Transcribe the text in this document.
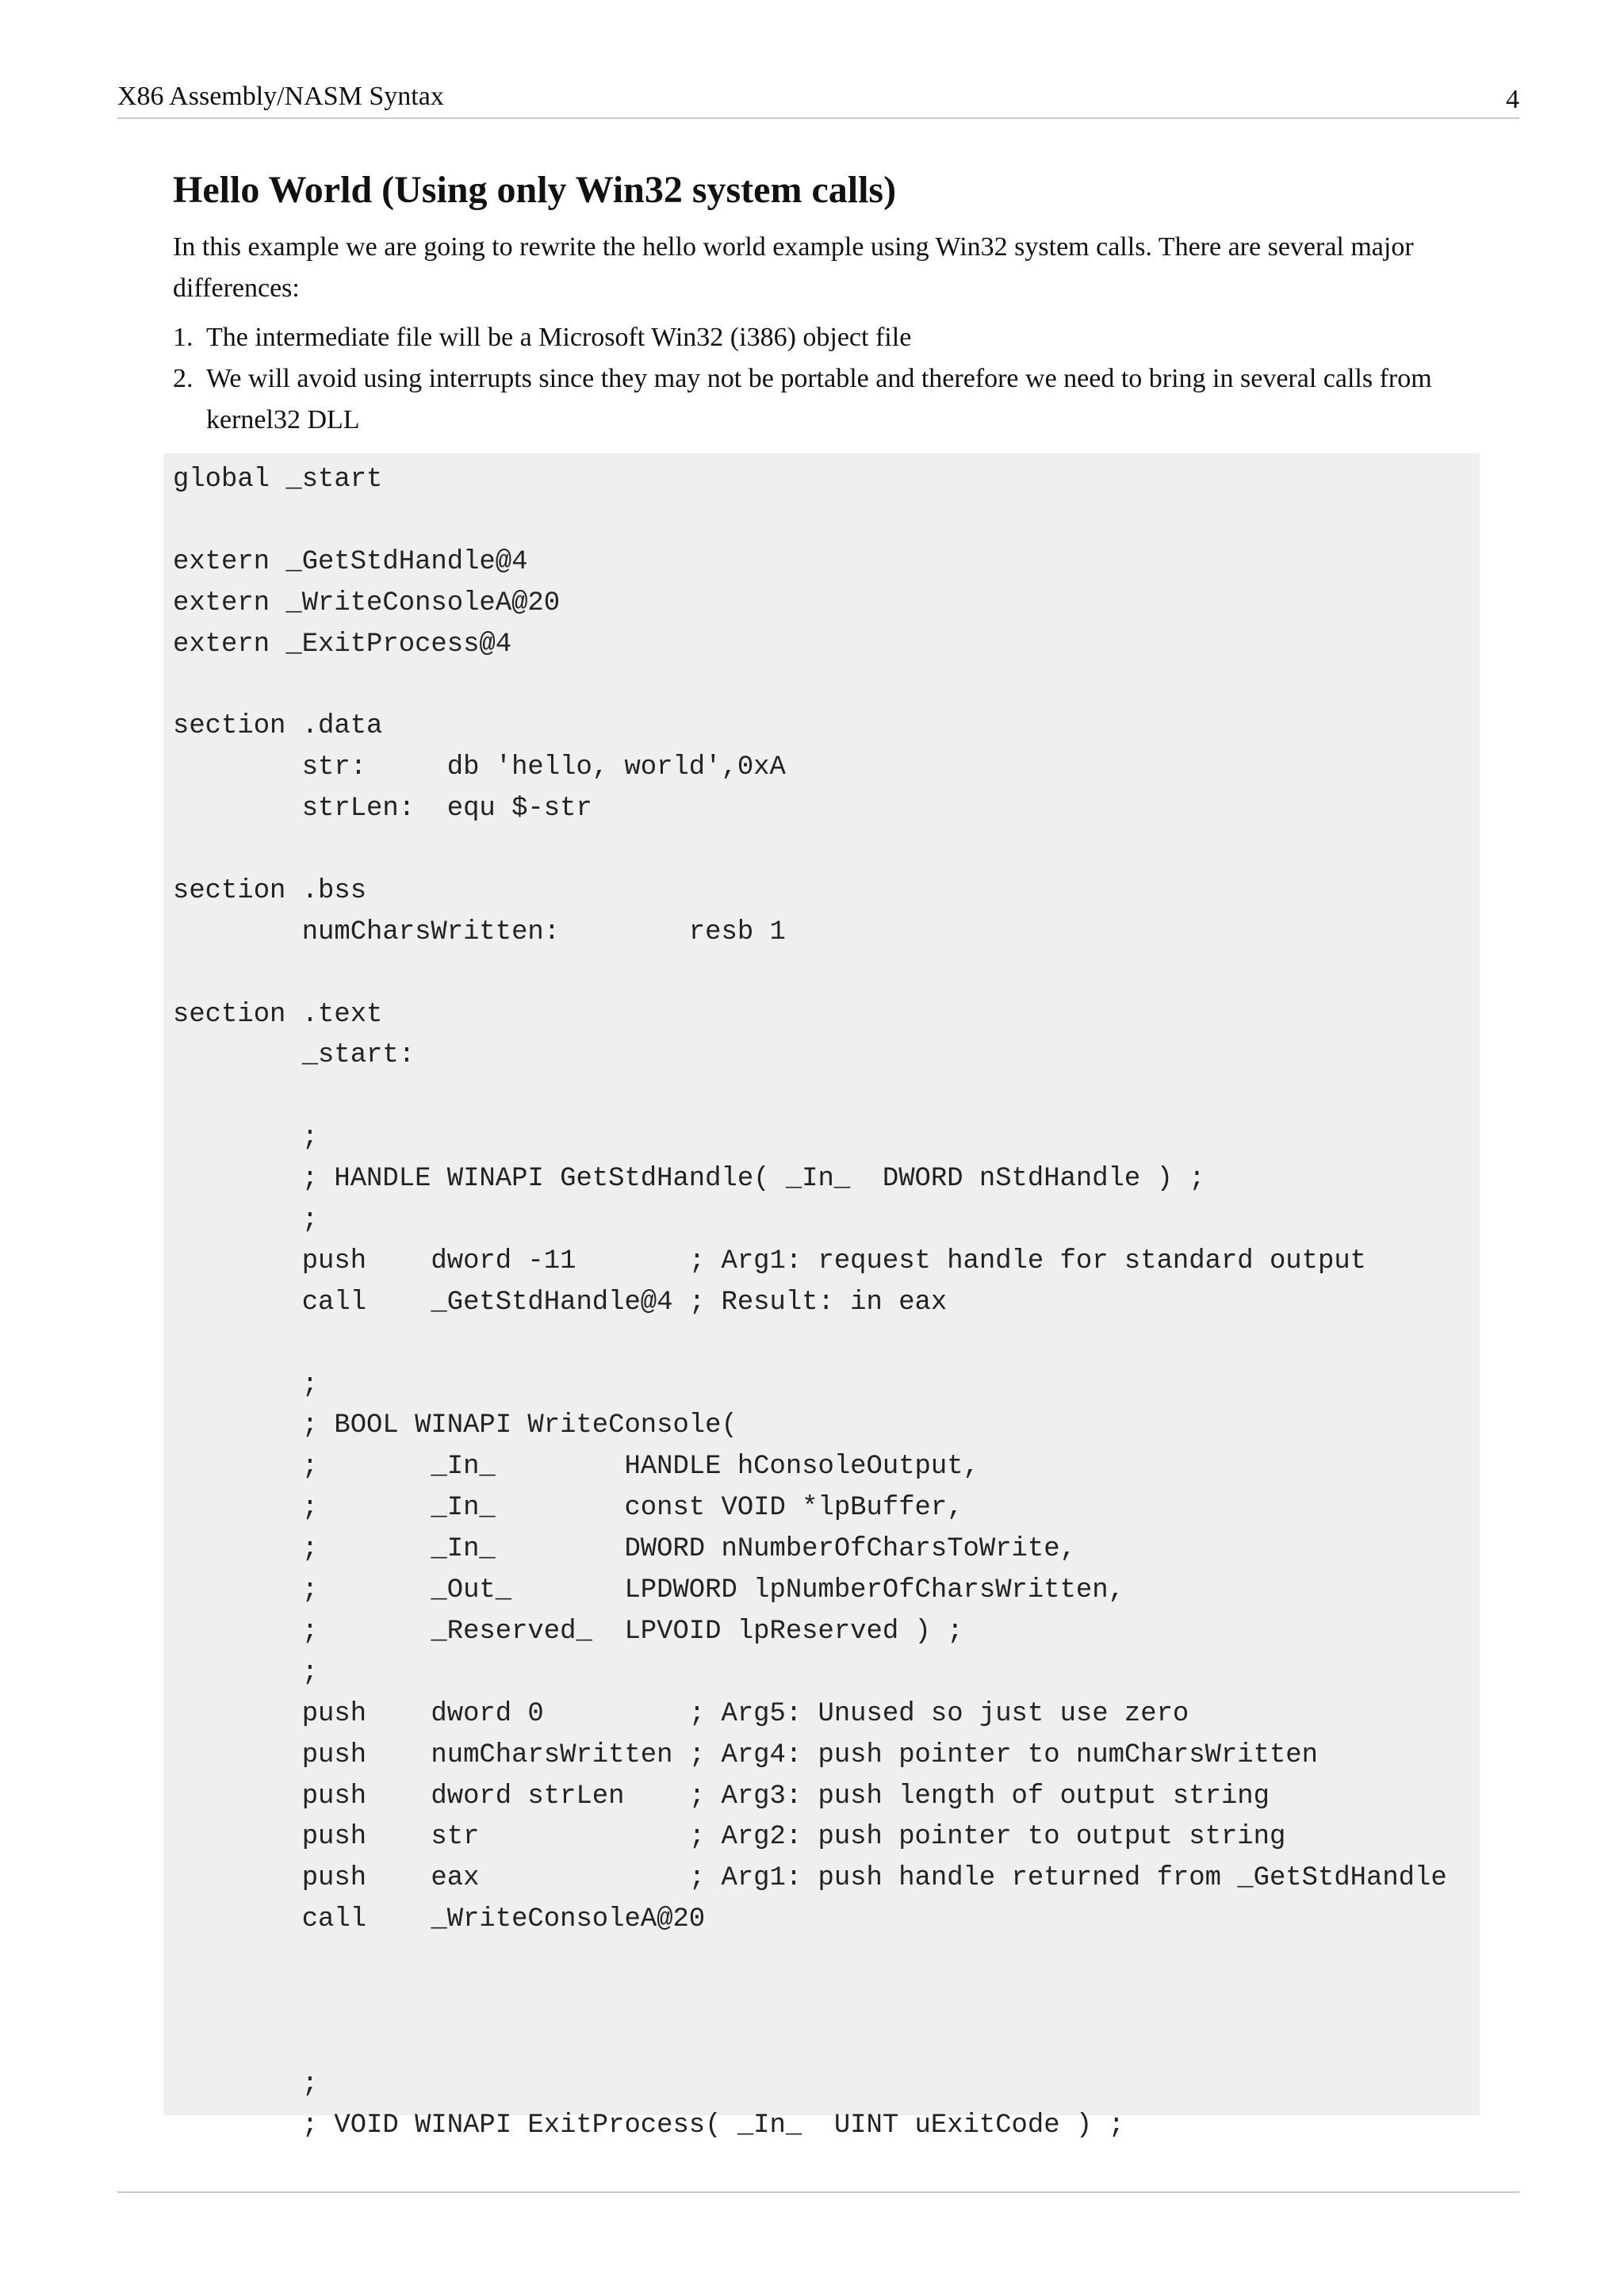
X86 Assembly/NASM Syntax	4
Hello World (Using only Win32 system calls)

In this example we are going to rewrite the hello world example using Win32 system calls. There are several major differences:

1. The intermediate file will be a Microsoft Win32 (i386) object file
2. We will avoid using interrupts since they may not be portable and therefore we need to bring in several calls from kernel32 DLL
global _start
extern _GetStdHandle@4
extern _WriteConsoleA@20
extern _ExitProcess@4
section .data
str:     db 'hello, world',0xA
strLen:  equ $-str
section .bss
numCharsWritten:        resb 1
section .text
_start:
;
; HANDLE WINAPI GetStdHandle( _In_  DWORD nStdHandle ) ;
;
push    dword -11       ; Arg1: request handle for standard output
call    _GetStdHandle@4 ; Result: in eax
;
; BOOL WINAPI WriteConsole(
;       _In_        HANDLE hConsoleOutput,
;       _In_        const VOID *lpBuffer,
;       _In_        DWORD nNumberOfCharsToWrite,
;       _Out_       LPDWORD lpNumberOfCharsWritten,
;       _Reserved_  LPVOID lpReserved ) ;
;
push    dword 0         ; Arg5: Unused so just use zero
push    numCharsWritten ; Arg4: push pointer to numCharsWritten
push    dword strLen    ; Arg3: push length of output string
push    str             ; Arg2: push pointer to output string
push    eax             ; Arg1: push handle returned from _GetStdHandle
call    _WriteConsoleA@20
;
; VOID WINAPI ExitProcess( _In_  UINT uExitCode ) ;
